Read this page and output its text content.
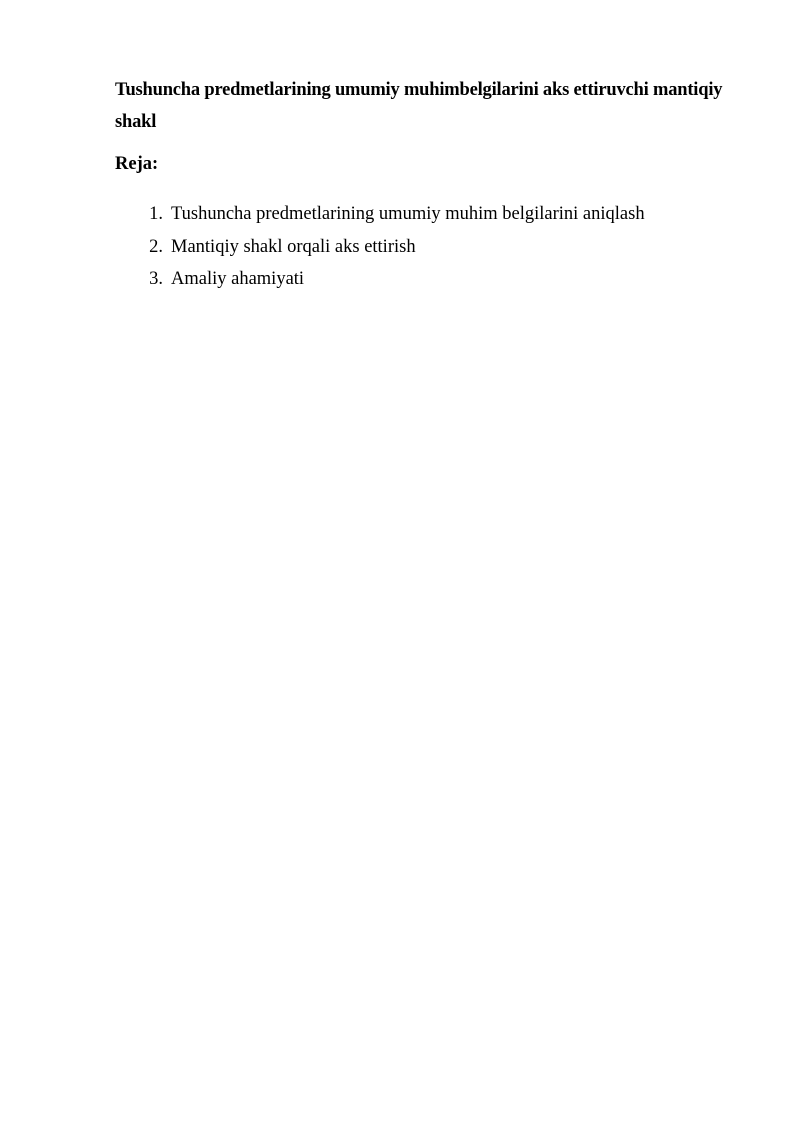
Tushuncha predmetlarining umumiy muhimbelgilarini aks ettiruvchi mantiqiy shakl

Reja:

1. Tushuncha predmetlarining umumiy muhim belgilarini aniqlash
2. Mantiqiy shakl orqali aks ettirish
3. Amaliy ahamiyati
